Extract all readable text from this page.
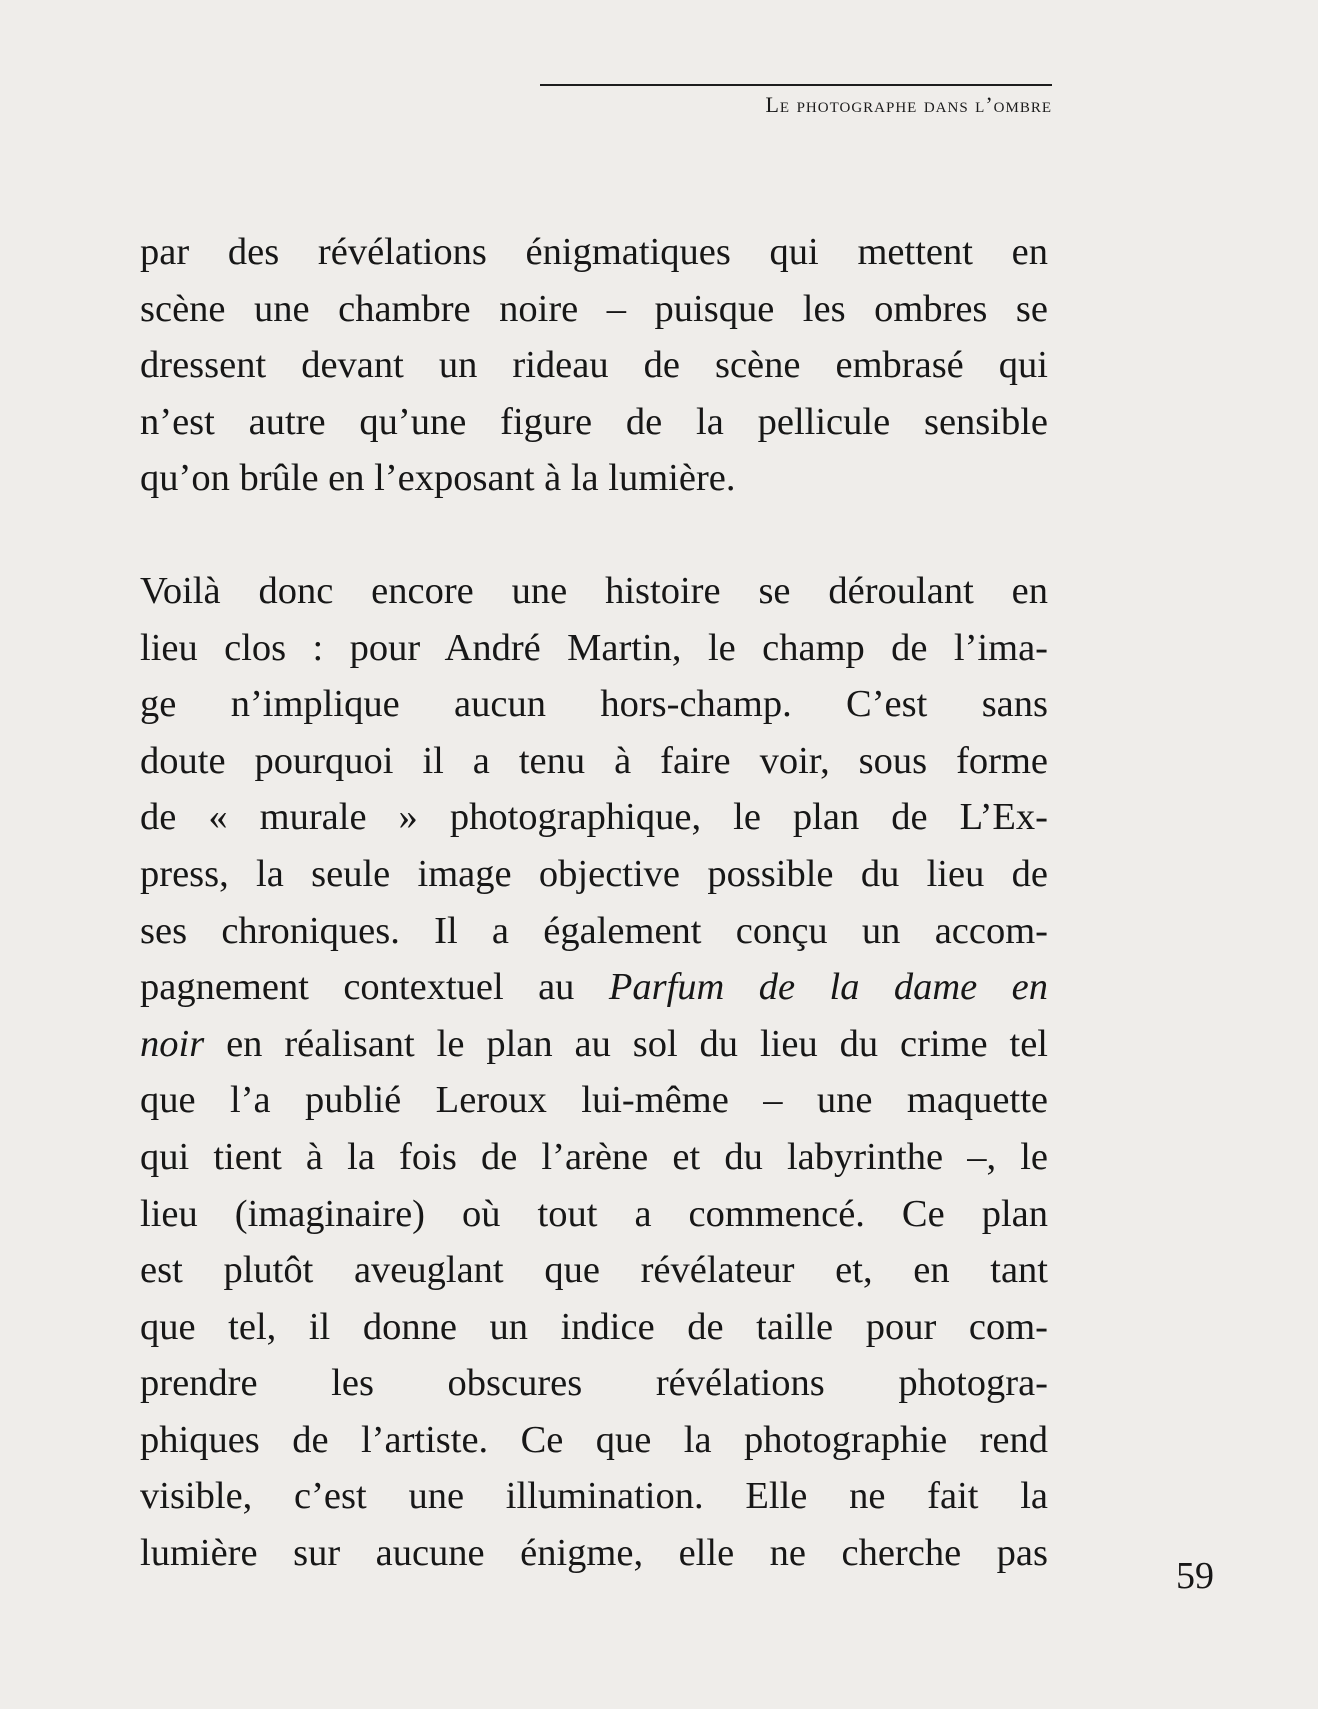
Le photographe dans l’ombre

par des révélations énigmatiques qui mettent en
scène une chambre noire – puisque les ombres se
dressent devant un rideau de scène embrasé qui
n’est autre qu’une figure de la pellicule sensible
qu’on brûle en l’exposant à la lumière.

Voilà donc encore une histoire se déroulant en
lieu clos : pour André Martin, le champ de l’ima-
ge n’implique aucun hors-champ. C’est sans
doute pourquoi il a tenu à faire voir, sous forme
de « murale » photographique, le plan de L’Ex-
press, la seule image objective possible du lieu de
ses chroniques. Il a également conçu un accom-
pagnement contextuel au Parfum de la dame en
noir en réalisant le plan au sol du lieu du crime tel
que l’a publié Leroux lui-même – une maquette
qui tient à la fois de l’arène et du labyrinthe –, le
lieu (imaginaire) où tout a commencé. Ce plan
est plutôt aveuglant que révélateur et, en tant
que tel, il donne un indice de taille pour com-
prendre les obscures révélations photogra-
phiques de l’artiste. Ce que la photographie rend
visible, c’est une illumination. Elle ne fait la
lumière sur aucune énigme, elle ne cherche pas

59
